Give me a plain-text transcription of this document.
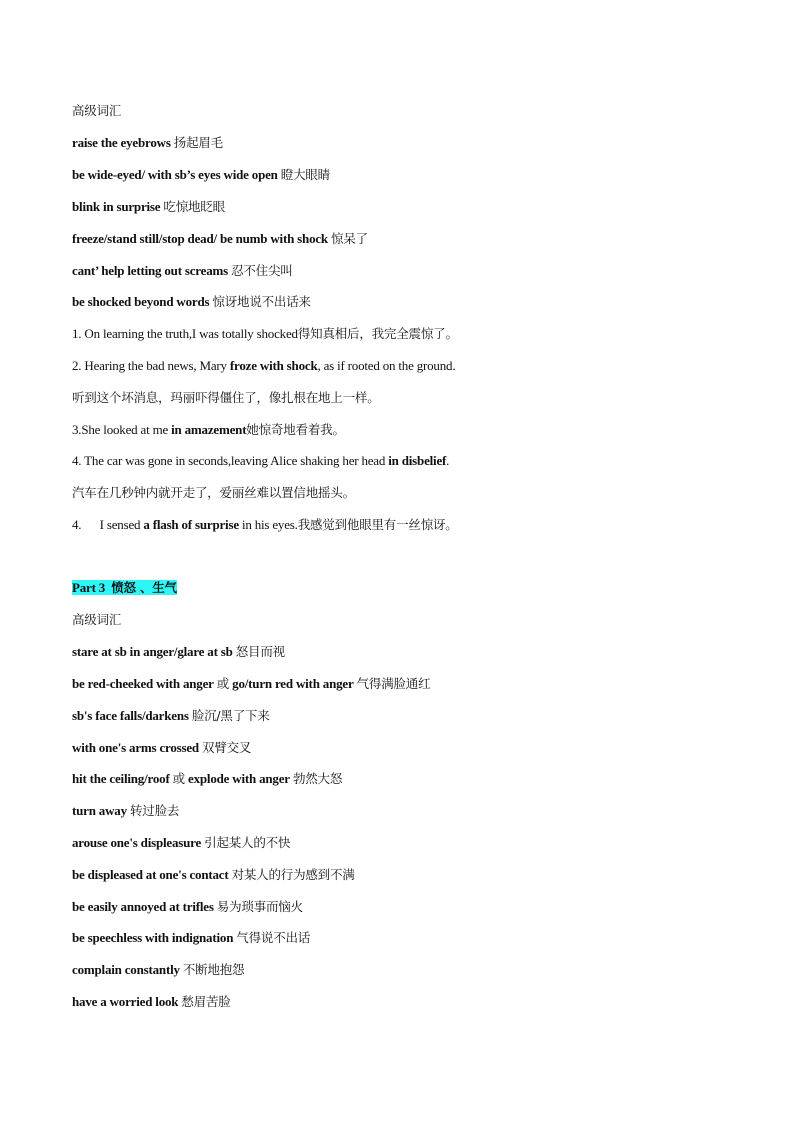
高级词汇
raise the eyebrows 扬起眉毛
be wide-eyed/ with sb’s eyes wide open 瞪大眼睛
blink in surprise 吃惊地眨眼
freeze/stand still/stop dead/ be numb with shock 惊呆了
cant’ help letting out screams 忍不住尖叫
be shocked beyond words 惊讶地说不出话来
1. On learning the truth,I was totally shocked得知真相后，我完全震惊了。
2. Hearing the bad news, Mary froze with shock, as if rooted on the ground.
听到这个坏消息，玛丽吓得僵住了，像扎根在地上一样。
3.She looked at me in amazement她惊奇地看着我。
4. The car was gone in seconds,leaving Alice shaking her head in disbelief.
汽车在几秒钟内就开走了，爱丽丝难以置信地摇头。
4. I sensed a flash of surprise in his eyes.我感觉到他眼里有一丝惊讶。
Part 3 愤怒 、生气
高级词汇
stare at sb in anger/glare at sb 怒目而视
be red-cheeked with anger 或 go/turn red with anger 气得满脸通红
sb's face falls/darkens 脸沉/黑了下来
with one's arms crossed 双臂交叉
hit the ceiling/roof 或 explode with anger 勃然大怒
turn away 转过脸去
arouse one's displeasure 引起某人的不快
be displeased at one's contact 对某人的行为感到不满
be easily annoyed at trifles 易为琐事而恼火
be speechless with indignation 气得说不出话
complain constantly 不断地抱怨
have a worried look 愁眉苦脸
